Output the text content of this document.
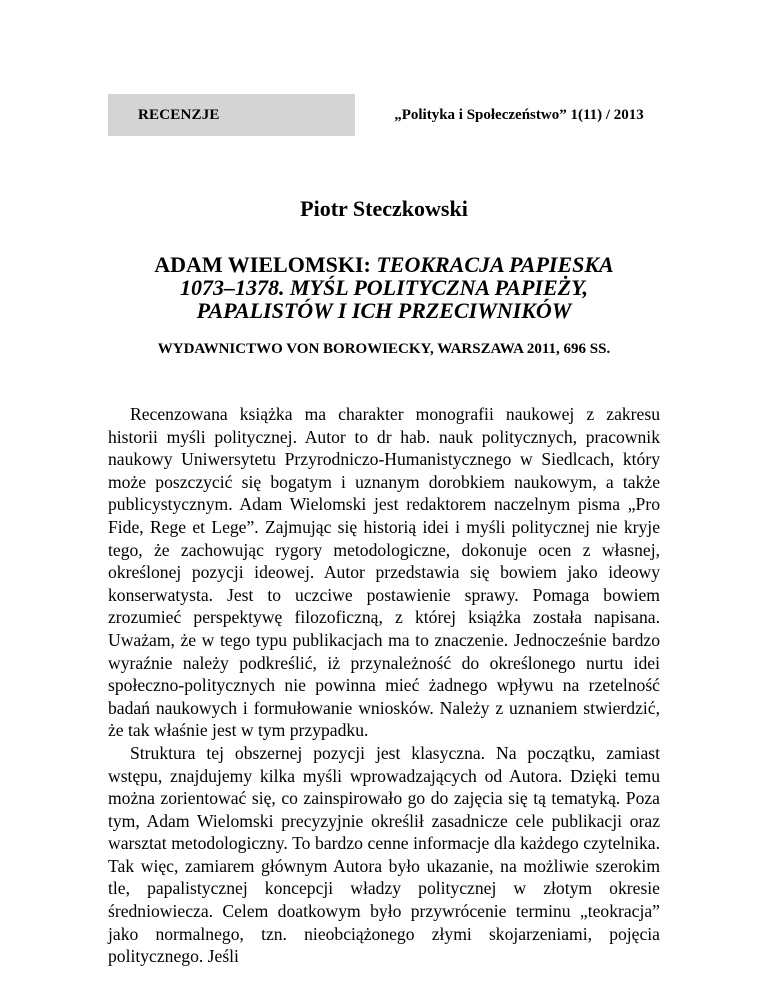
RECENZJE	„Polityka i Społeczeństwo” 1(11) / 2013
Piotr Steczkowski
ADAM WIELOMSKI: TEOKRACJA PAPIESKA
1073–1378. MYŚL POLITYCZNA PAPIEŻY,
PAPALISTÓW I ICH PRZECIWNIKÓW
WYDAWNICTWO VON BOROWIECKY, WARSZAWA 2011, 696 SS.

Recenzowana książka ma charakter monografii naukowej z zakresu historii myśli politycznej. Autor to dr hab. nauk politycznych, pracownik naukowy Uniwersytetu Przyrodniczo-Humanistycznego w Siedlcach, który może poszczycić się bogatym i uznanym dorobkiem naukowym, a także publicystycznym. Adam Wielomski jest redaktorem naczelnym pisma „Pro Fide, Rege et Lege”. Zajmując się historią idei i myśli politycznej nie kryje tego, że zachowując rygory metodologiczne, dokonuje ocen z własnej, określonej pozycji ideowej. Autor przedstawia się bowiem jako ideowy konserwatysta. Jest to uczciwe postawienie sprawy. Pomaga bowiem zrozumieć perspektywę filozoficzną, z której książka została napisana. Uważam, że w tego typu publikacjach ma to znaczenie. Jednocześnie bardzo wyraźnie należy podkreślić, iż przynależność do określonego nurtu idei społeczno-politycznych nie powinna mieć żadnego wpływu na rzetelność badań naukowych i formułowanie wniosków. Należy z uznaniem stwierdzić, że tak właśnie jest w tym przypadku.

Struktura tej obszernej pozycji jest klasyczna. Na początku, zamiast wstępu, znajdujemy kilka myśli wprowadzających od Autora. Dzięki temu można zorientować się, co zainspirowało go do zajęcia się tą tematyką. Poza tym, Adam Wielomski precyzyjnie określił zasadnicze cele publikacji oraz warsztat metodologiczny. To bardzo cenne informacje dla każdego czytelnika. Tak więc, zamiarem głównym Autora było ukazanie, na możliwie szerokim tle, papalistycznej koncepcji władzy politycznej w złotym okresie średniowiecza. Celem doatkowym było przywrócenie terminu „teokracja” jako normalnego, tzn. nieobciążonego złymi skojarzeniami, pojęcia politycznego. Jeśli
